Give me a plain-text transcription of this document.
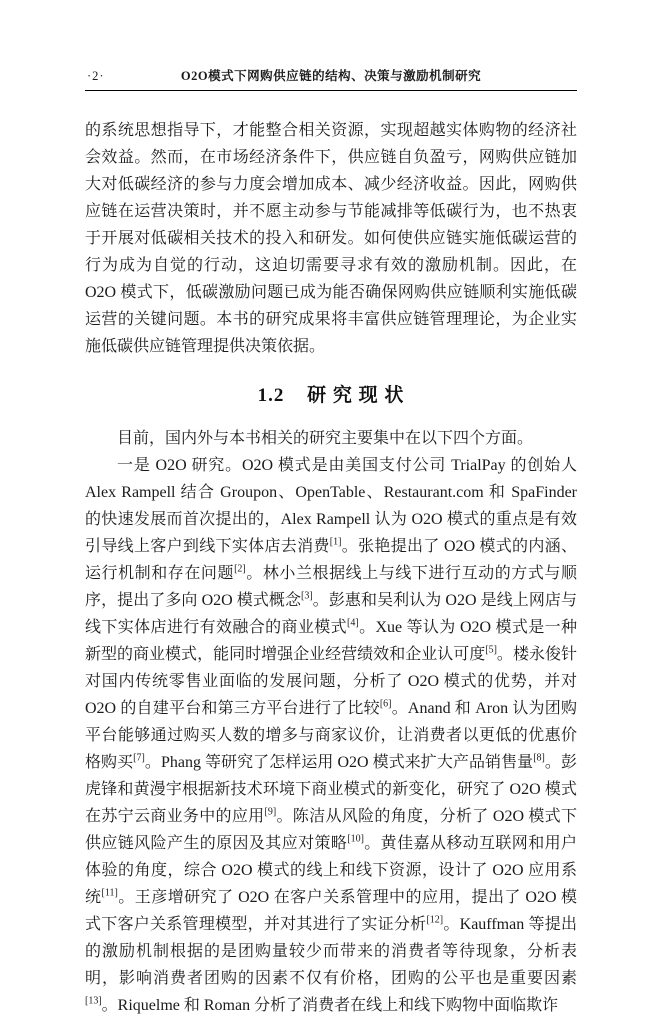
·2·	O2O模式下网购供应链的结构、决策与激励机制研究

的系统思想指导下，才能整合相关资源，实现超越实体购物的经济社会效益。然而，在市场经济条件下，供应链自负盈亏，网购供应链加大对低碳经济的参与力度会增加成本、减少经济收益。因此，网购供应链在运营决策时，并不愿主动参与节能减排等低碳行为，也不热衷于开展对低碳相关技术的投入和研发。如何使供应链实施低碳运营的行为成为自觉的行动，这迫切需要寻求有效的激励机制。因此，在 O2O 模式下，低碳激励问题已成为能否确保网购供应链顺利实施低碳运营的关键问题。本书的研究成果将丰富供应链管理理论，为企业实施低碳供应链管理提供决策依据。

1.2 研 究 现 状

目前，国内外与本书相关的研究主要集中在以下四个方面。

一是 O2O 研究。O2O 模式是由美国支付公司 TrialPay 的创始人 Alex Rampell 结合 Groupon、OpenTable、Restaurant.com 和 SpaFinder 的快速发展而首次提出的，Alex Rampell 认为 O2O 模式的重点是有效引导线上客户到线下实体店去消费[1]。张艳提出了 O2O 模式的内涵、运行机制和存在问题[2]。林小兰根据线上与线下进行互动的方式与顺序，提出了多向 O2O 模式概念[3]。彭惠和吴利认为 O2O 是线上网店与线下实体店进行有效融合的商业模式[4]。Xue 等认为 O2O 模式是一种新型的商业模式，能同时增强企业经营绩效和企业认可度[5]。楼永俊针对国内传统零售业面临的发展问题，分析了 O2O 模式的优势，并对 O2O 的自建平台和第三方平台进行了比较[6]。Anand 和 Aron 认为团购平台能够通过购买人数的增多与商家议价，让消费者以更低的优惠价格购买[7]。Phang 等研究了怎样运用 O2O 模式来扩大产品销售量[8]。彭虎锋和黄漫宇根据新技术环境下商业模式的新变化，研究了 O2O 模式在苏宁云商业务中的应用[9]。陈洁从风险的角度，分析了 O2O 模式下供应链风险产生的原因及其应对策略[10]。黄佳嘉从移动互联网和用户体验的角度，综合 O2O 模式的线上和线下资源，设计了 O2O 应用系统[11]。王彦增研究了 O2O 在客户关系管理中的应用，提出了 O2O 模式下客户关系管理模型，并对其进行了实证分析[12]。Kauffman 等提出的激励机制根据的是团购量较少而带来的消费者等待现象，分析表明，影响消费者团购的因素不仅有价格，团购的公平也是重要因素[13]。Riquelme 和 Roman 分析了消费者在线上和线下购物中面临欺诈
